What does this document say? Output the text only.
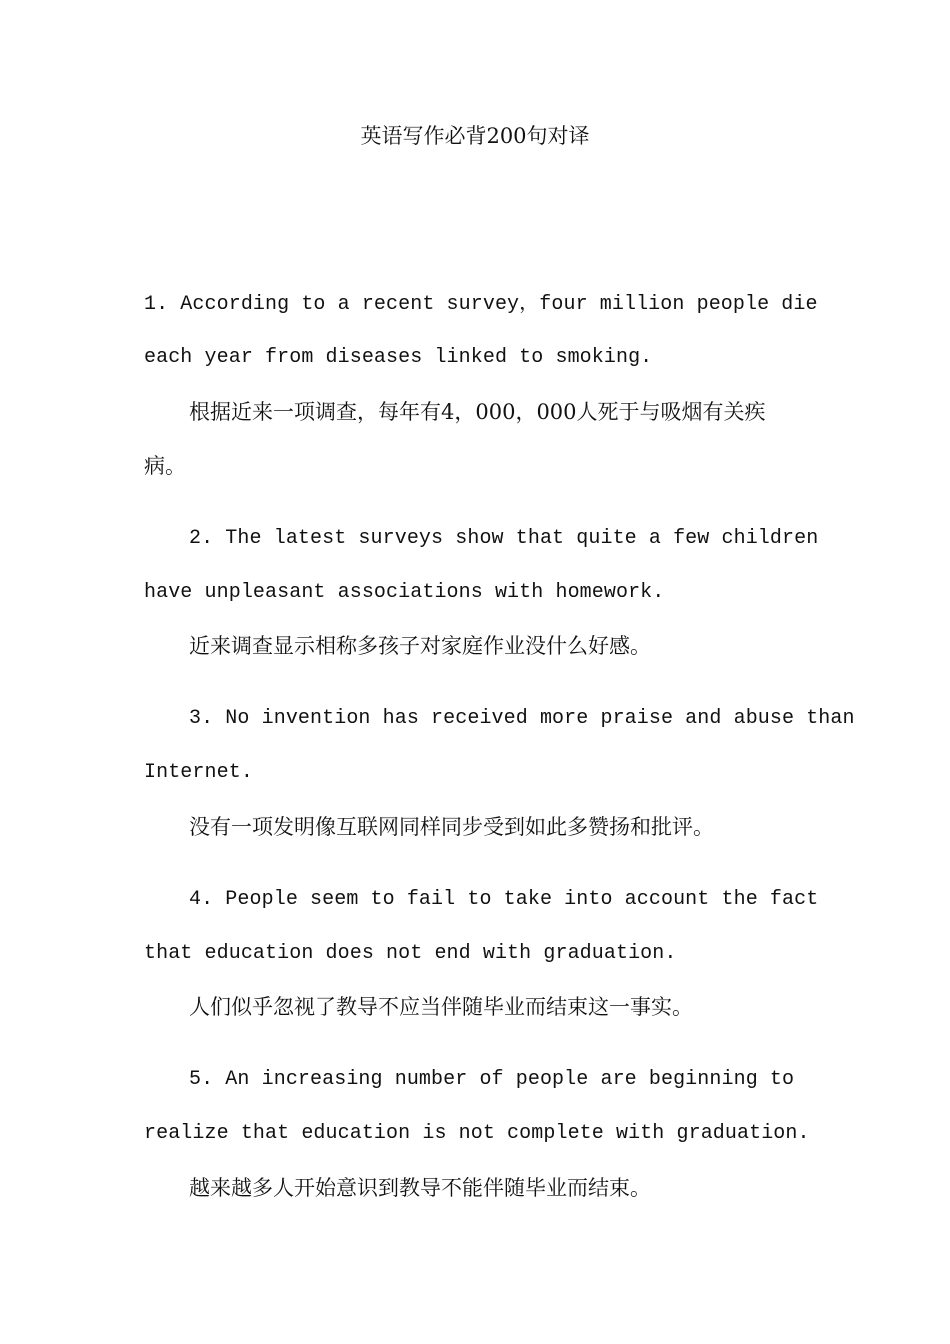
英语写作必背200句对译
1. According to a recent survey，four million people die
each year from diseases linked to smoking.
根据近来一项调查，每年有4，000，000人死于与吸烟有关疾
病。
2. The latest surveys show that quite a few children
have unpleasant associations with homework.
近来调查显示相称多孩子对家庭作业没什么好感。
3. No invention has received more praise and abuse than
Internet.
没有一项发明像互联网同样同步受到如此多赞扬和批评。
4. People seem to fail to take into account the fact
that education does not end with graduation.
人们似乎忽视了教导不应当伴随毕业而结束这一事实。
5. An increasing number of people are beginning to
realize that education is not complete with graduation.
越来越多人开始意识到教导不能伴随毕业而结束。
